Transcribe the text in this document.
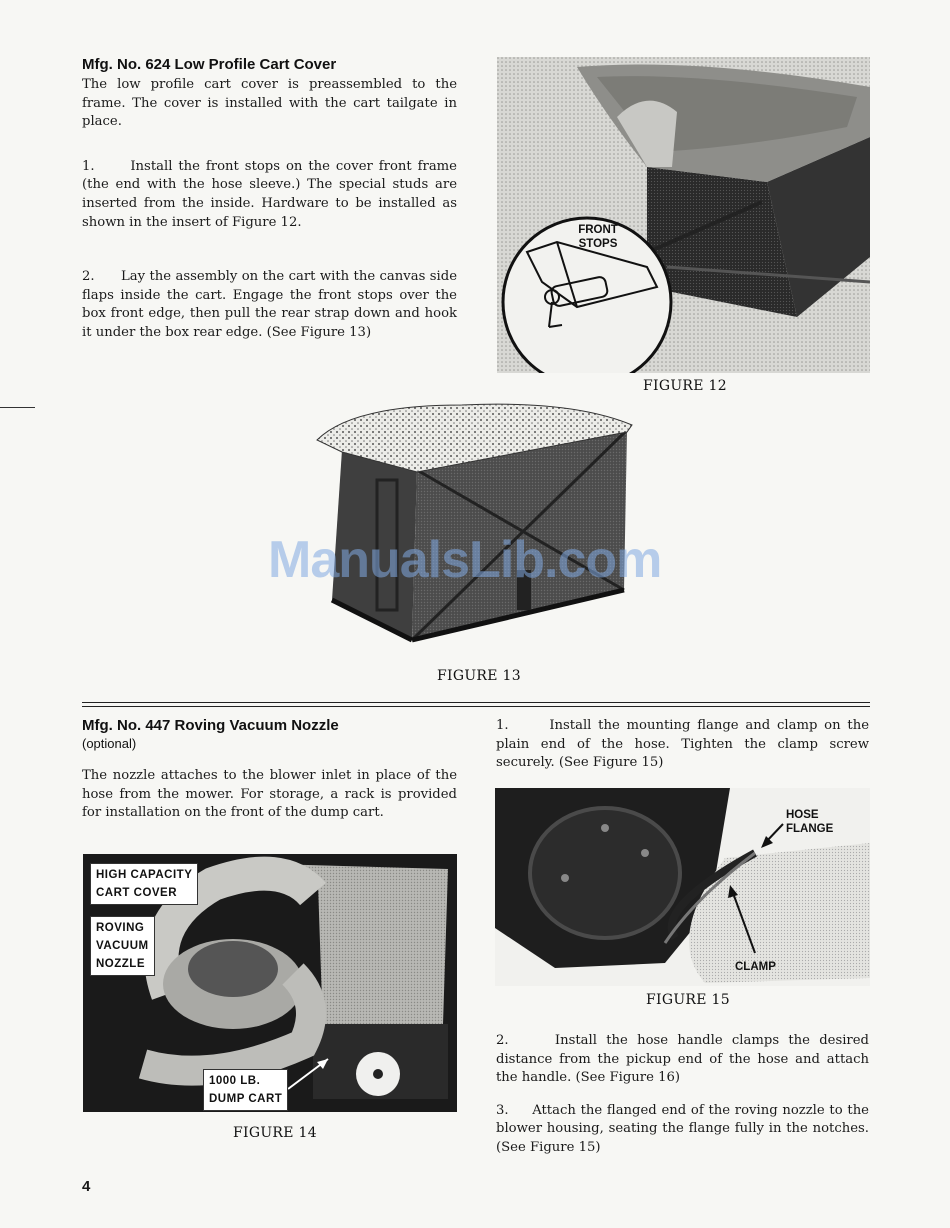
Mfg. No. 624 Low Profile Cart Cover

The low profile cart cover is preassembled to the frame. The cover is installed with the cart tailgate in place.

1.	Install the front stops on the cover front frame (the end with the hose sleeve.) The special studs are inserted from the inside. Hardware to be installed as shown in the insert of Figure 12.

2. Lay the assembly on the cart with the canvas side flaps inside the cart. Engage the front stops over the box front edge, then pull the rear strap down and hook it under the box rear edge. (See Figure 13)

FRONT
STOPS
FIGURE 12
ManualsLib.com
FIGURE 13
Mfg. No. 447 Roving Vacuum Nozzle
(optional)

The nozzle attaches to the blower inlet in place of the hose from the mower. For storage, a rack is provided for installation on the front of the dump cart.

HIGH CAPACITY
CART COVER
ROVING
VACUUM
NOZZLE
1000 LB.
DUMP CART
FIGURE 14

1.	Install the mounting flange and clamp on the plain end of the hose. Tighten the clamp screw securely. (See Figure 15)

HOSE
FLANGE
CLAMP
FIGURE 15

2.	Install the hose handle clamps the desired distance from the pickup end of the hose and attach the handle. (See Figure 16)

3. Attach the flanged end of the roving nozzle to the blower housing, seating the flange fully in the notches. (See Figure 15)

4
